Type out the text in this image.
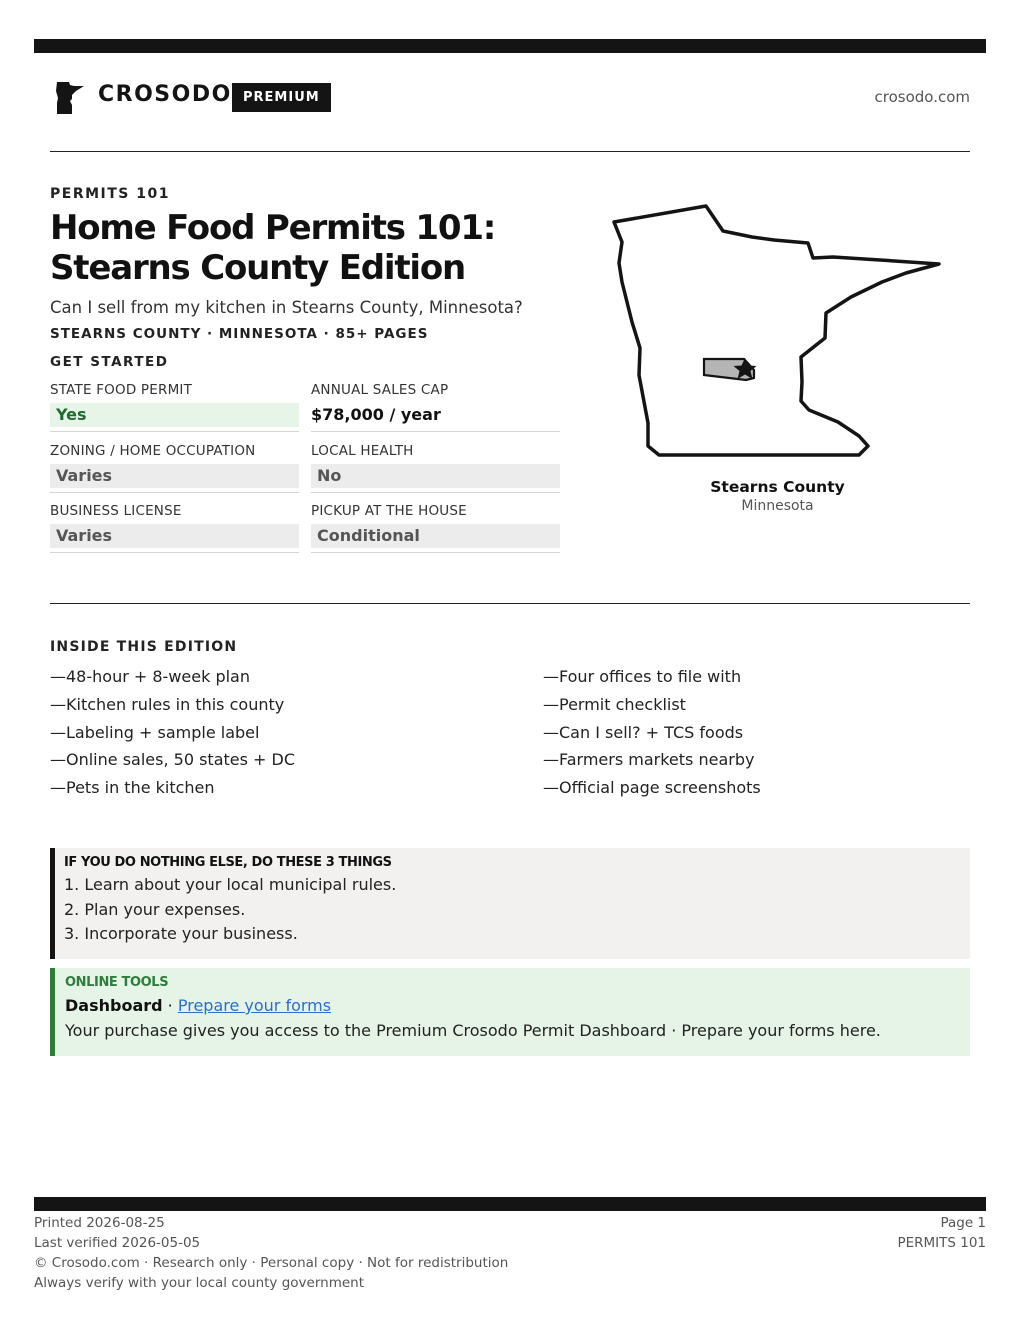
CROSODO PREMIUM	crosodo.com
PERMITS 101
Home Food Permits 101: Stearns County Edition
Can I sell from my kitchen in Stearns County, Minnesota?
STEARNS COUNTY · MINNESOTA · 85+ PAGES
GET STARTED
STATE FOOD PERMIT
Yes
ANNUAL SALES CAP
$78,000 / year
ZONING / HOME OCCUPATION
Varies
LOCAL HEALTH
No
BUSINESS LICENSE
Varies
PICKUP AT THE HOUSE
Conditional
Stearns County
Minnesota
INSIDE THIS EDITION
—48-hour + 8-week plan
—Kitchen rules in this county
—Labeling + sample label
—Online sales, 50 states + DC
—Pets in the kitchen
—Four offices to file with
—Permit checklist
—Can I sell? + TCS foods
—Farmers markets nearby
—Official page screenshots
IF YOU DO NOTHING ELSE, DO THESE 3 THINGS
1. Learn about your local municipal rules.
2. Plan your expenses.
3. Incorporate your business.
ONLINE TOOLS
Dashboard · Prepare your forms
Your purchase gives you access to the Premium Crosodo Permit Dashboard · Prepare your forms here.
Printed 2026-08-25
Last verified 2026-05-05
© Crosodo.com · Research only · Personal copy · Not for redistribution
Always verify with your local county government
Page 1
PERMITS 101
